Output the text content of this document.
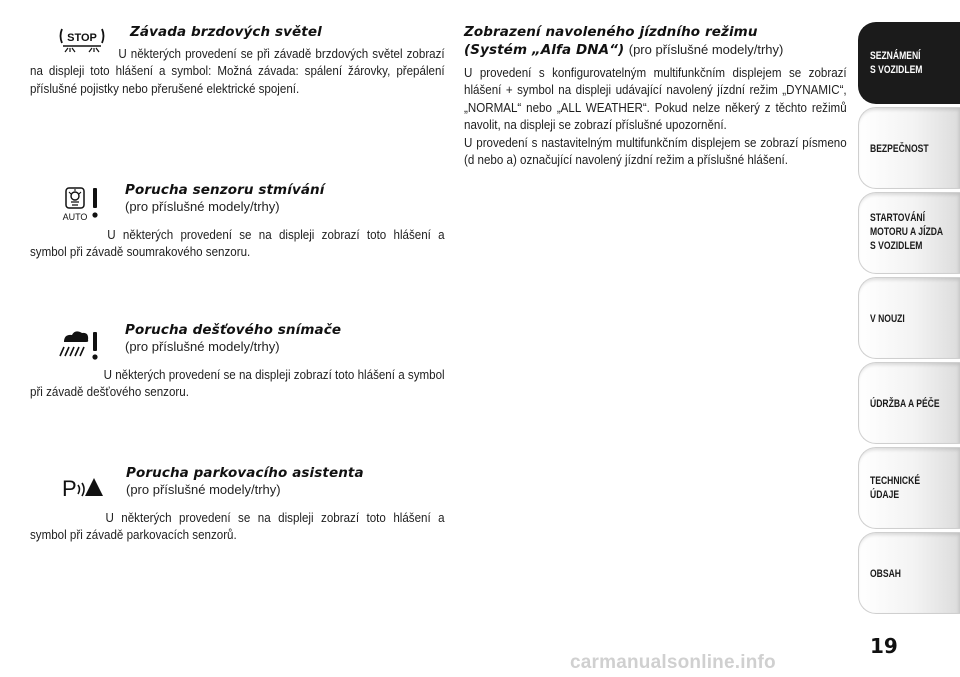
STOP Závada brzdových světel
U některých provedení se při závadě brzdových světel zobrazí na displeji toto hlášení a symbol: Možná závada: spálení žárovky, přepálení příslušné pojistky nebo přerušené elektrické spojení.
AUTO
Porucha senzoru stmívání
(pro příslušné modely/trhy)
U některých provedení se na displeji zobrazí toto hlášení a symbol při závadě soumrakového senzoru.
Porucha dešťového snímače
(pro příslušné modely/trhy)
U některých provedení se na displeji zobrazí toto hlášení a symbol při závadě dešťového senzoru.
P
Porucha parkovacího asistenta
(pro příslušné modely/trhy)
U některých provedení se na displeji zobrazí toto hlášení a symbol při závadě parkovacích senzorů.
Zobrazení navoleného jízdního režimu
(Systém „Alfa DNA“) (pro příslušné modely/trhy)
U provedení s konfigurovatelným multifunkčním displejem se zobrazí hlášení + symbol na displeji udávající navolený jízdní režim „DYNAMIC“, „NORMAL“ nebo „ALL WEATHER“. Pokud nelze někerý z těchto režimů navolit, na displeji se zobrazí příslušné upozornění.
U provedení s nastavitelným multifunkčním displejem se zobrazí písmeno (d nebo a) označující navolený jízdní režim a příslušné hlášení.
SEZNÁMENÍ
S VOZIDLEM
BEZPEČNOST
STARTOVÁNÍ
MOTORU A JÍZDA
S VOZIDLEM
V NOUZI
ÚDRŽBA A PÉČE
TECHNICKÉ
ÚDAJE
OBSAH
19
carmanualsonline.info
